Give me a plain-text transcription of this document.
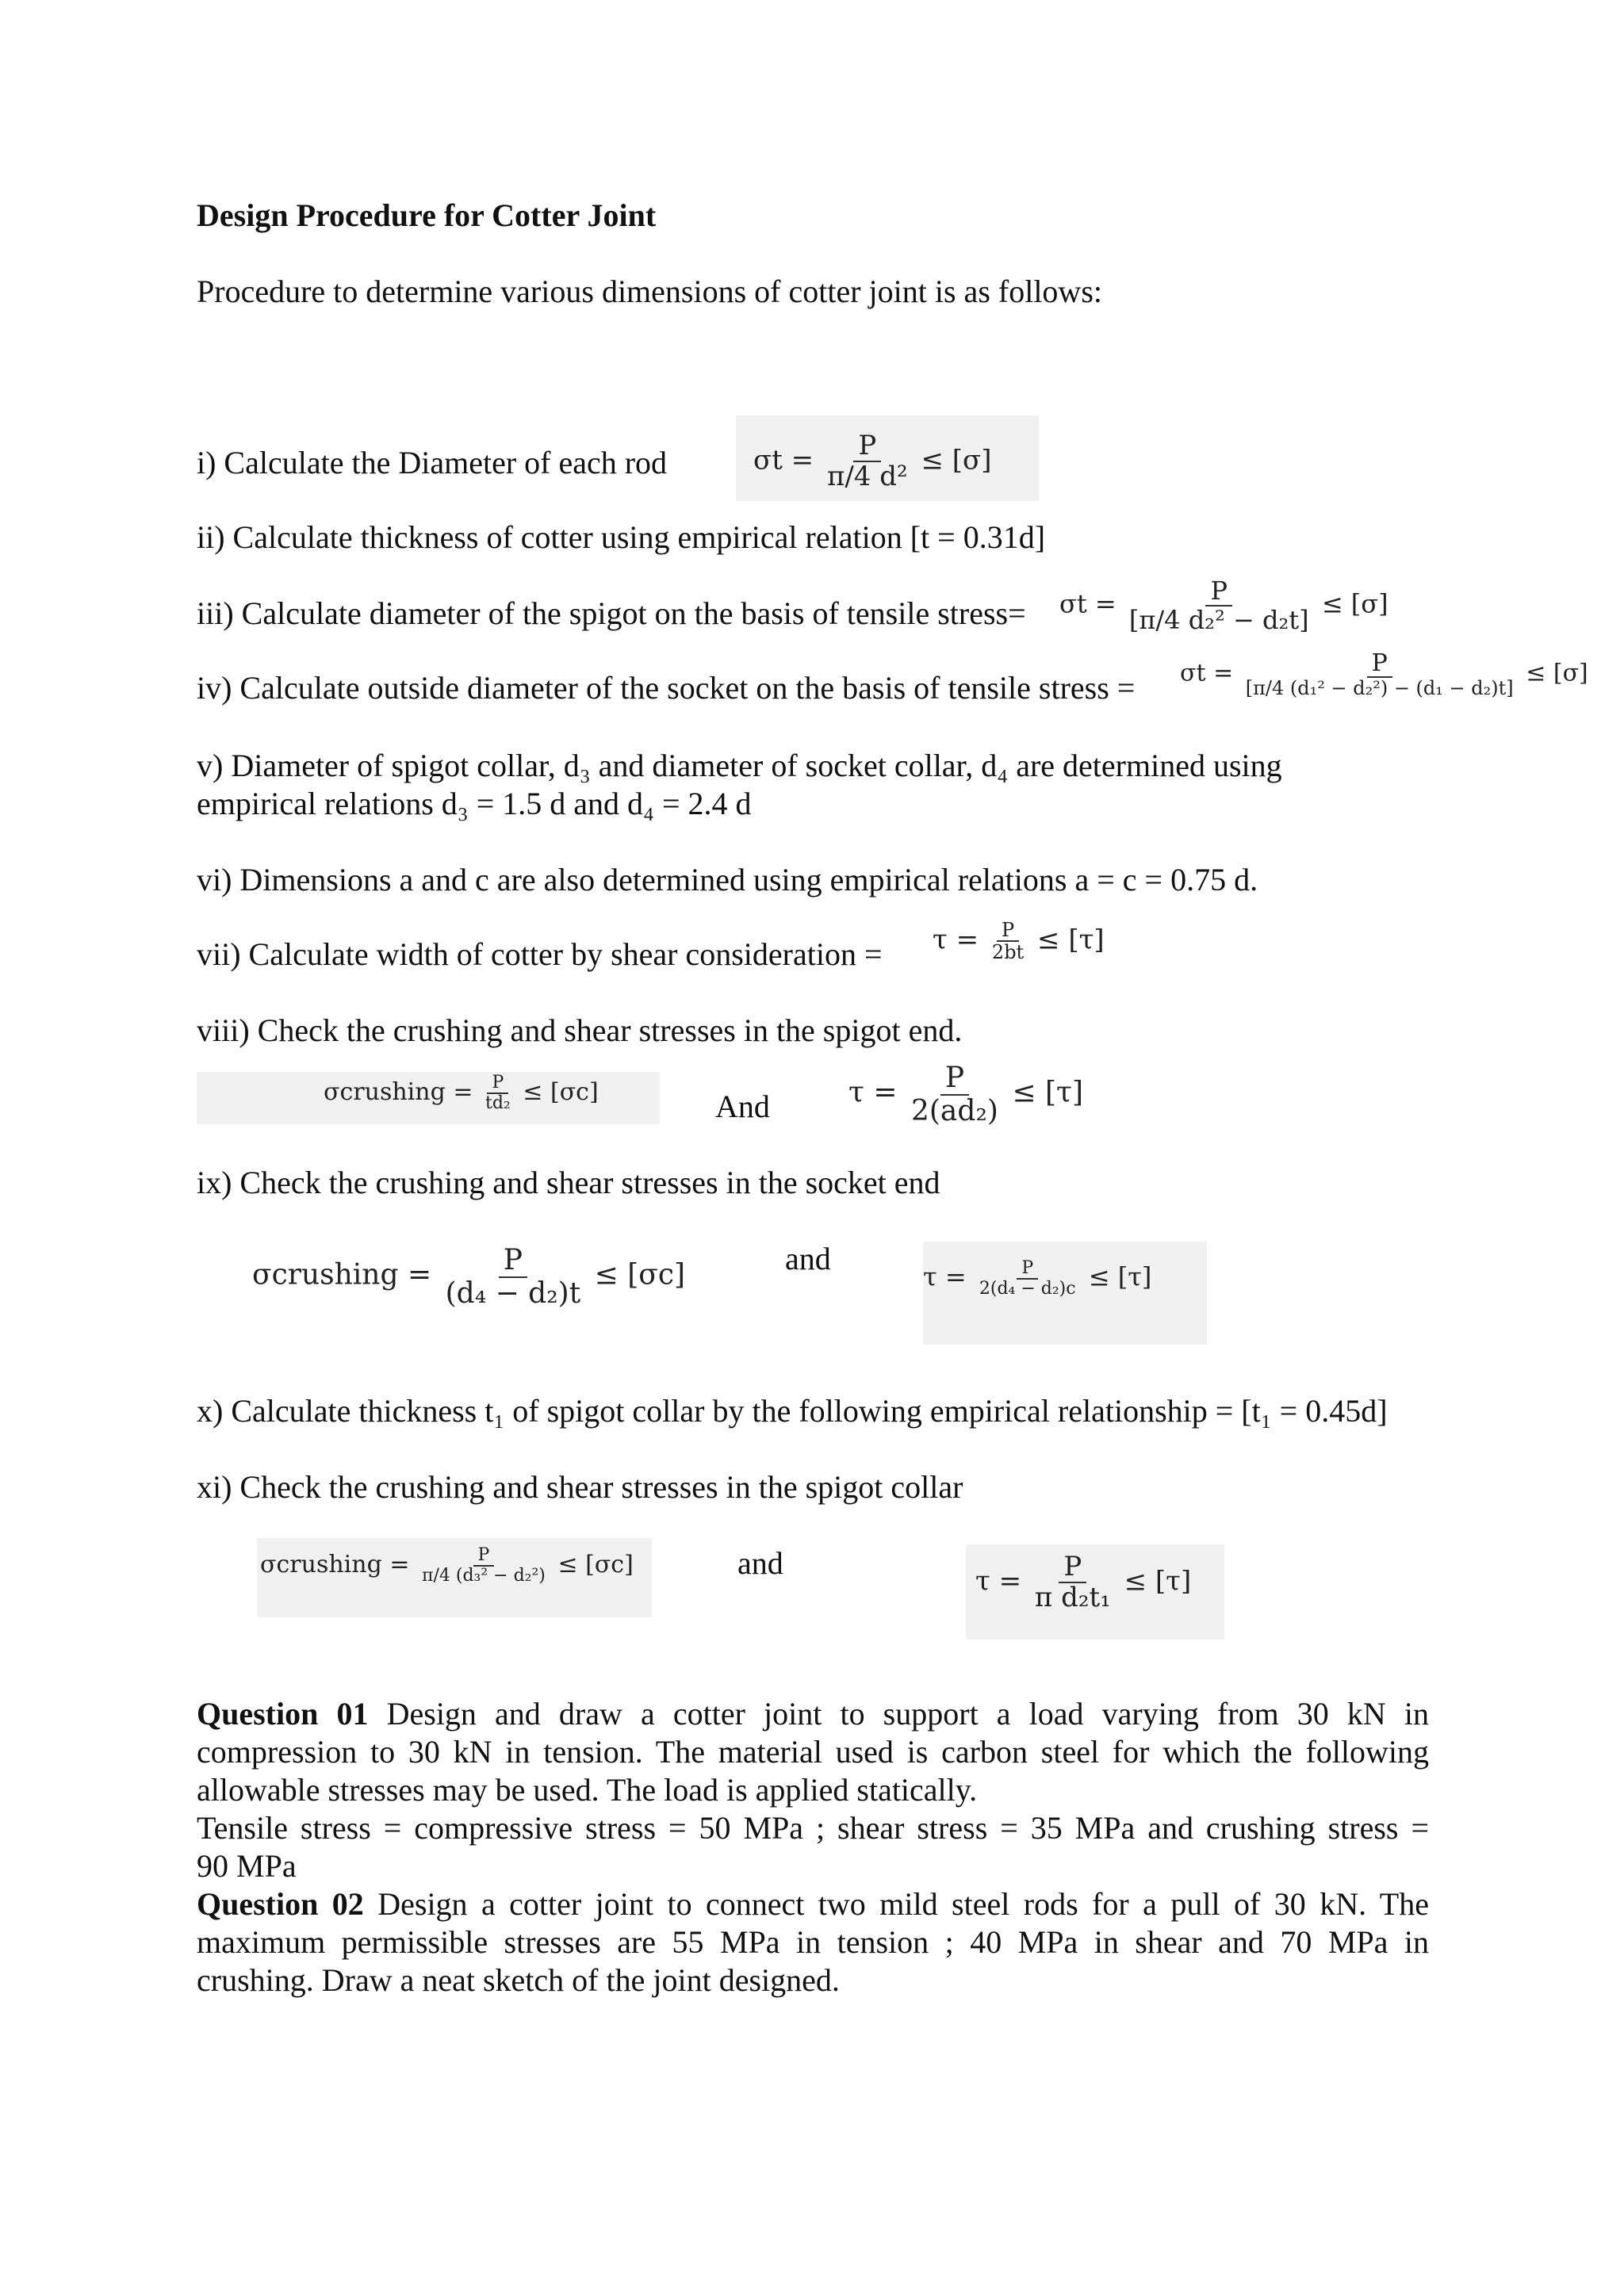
Design Procedure for Cotter Joint
Procedure to determine various dimensions of cotter joint is as follows:
i) Calculate the Diameter of each rod	$\sigma t = \frac{P}{\text{π/4 d²}} \le [\sigma]$
ii) Calculate thickness of cotter using empirical relation [t = 0.31d]
iii) Calculate diameter of the spigot on the basis of tensile stress= $\sigma t = \frac{P}{\text{[π/4 d₂² − d₂t]}} \le [\sigma]$
iv) Calculate outside diameter of the socket on the basis of tensile stress = $\sigma t = \frac{P}{\text{[π/4 (d₁² − d₂²) − (d₁ − d₂)t]}} \le [\sigma]$
v) Diameter of spigot collar, d₃ and diameter of socket collar, d₄ are determined using
empirical relations d₃ = 1.5 d and d₄ = 2.4 d
vi) Dimensions a and c are also determined using empirical relations a = c = 0.75 d.
vii) Calculate width of cotter by shear consideration = $\tau = \frac{P}{2bt} \le [\tau]$
viii) Check the crushing and shear stresses in the spigot end.
σcrushing = $\frac{P}{\text{td₂}} \le [\sigma c]$	And	$\tau = \frac{P}{\text{2(ad₂)}} \le [\tau]$
ix) Check the crushing and shear stresses in the socket end
σcrushing = $\frac{P}{\text{(d₄ − d₂)t}} \le [\sigma c]$	and
$\tau = \frac{P}{\text{2(d₄ − d₂)c}} \le [\tau]$
x) Calculate thickness t₁ of spigot collar by the following empirical relationship = [t₁ = 0.45d]
xi) Check the crushing and shear stresses in the spigot collar
σcrushing = $\frac{P}{\text{π/4 (d₃² − d₂²)}} \le [\sigma c]$	and
$\tau = \frac{P}{\text{π d₂t₁}} \le [\tau]$
Question 01 Design and draw a cotter joint to support a load varying from 30 kN in
compression to 30 kN in tension. The material used is carbon steel for which the following
allowable stresses may be used. The load is applied statically.
Tensile stress = compressive stress = 50 MPa ; shear stress = 35 MPa and crushing stress =
90 MPa
Question 02 Design a cotter joint to connect two mild steel rods for a pull of 30 kN. The
maximum permissible stresses are 55 MPa in tension ; 40 MPa in shear and 70 MPa in
crushing. Draw a neat sketch of the joint designed.
